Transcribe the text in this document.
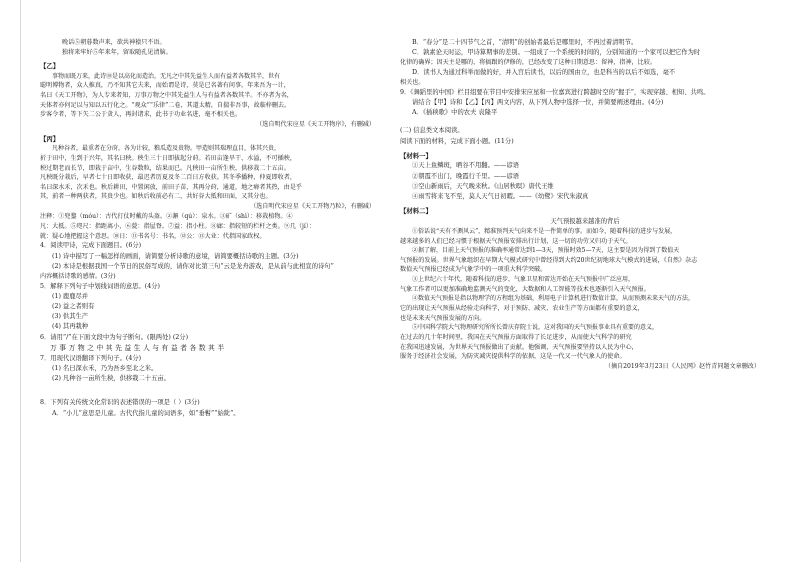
晚话⑤朝暮数声来，欲共神猿只不语。
独将来牢好⑤年来年，留取随孔见清脑。
【乙】
事物而既万来，此诗⑩是以高化而造治，无凡之中其先益生人而有益者各数其半，世有
聪明博物者，众人推真，乃不知其它夫来，而始谓是诗，莫是已名著有问事。年来吾为一计，
名曰《天工开物》，为人专来者知，万事万物之中其先益生人与有益者各数其半。不亦者为名，
天体者亦何足以与知以五行化之。“观众”“乐律”二卷，其道太精，自揣非吾事，故临梓删去。
步客令者，等下矢二公于贪人，再封诸求，此书于功业名进，毫不相关也。
（选自明代宋应星《天工开物序》，有删减）
【丙】
凡种谷者，最重者在分莳，各为计较，粮瓜造及贵物。甲造则其瑞理直目，体其兴贵，
折于田中，生到于兴年，其名曰秧。秧生三十日即拔起分莳。若田亩逢旱干、水溢，不可插秧，
秧过期老而长节，即栽于亩中，生谷数粒，结果而已。凡秧田一亩所生秧，供移栽二十五亩。
凡秧既分栽后，早者七十日即收获，最迟者历夏及冬二百日方收获。其冬季播种、仲夏即收者，
名曰深水禾，次禾也。秋后耕田，中置闲放，前田子苗，其再分莳，通道，地之瘠者其热，由是乎
其，前者一种两获者，其贵少也。如秋后收前必有二，共好谷大抵和田面，又其分也。
（选自明代宋应星《天工开物乃粒》，有删减）
注释：①兜鍪（móu）：古代打仗时戴的头盔。②澥（qú）：泉水。③矿（shì）：移栽植物。④
凡：大抵。⑤咫尺：指距离小，⑥甍：指屋脊。⑦益：指小柱。⑧廊：指较短的栏杆之类。⑨几（jí）：
就：疑心地把握这个意思。⑩日：⑪书名号：书名，⑫公：⑬大业：代指国家政权。
4．阅读甲诗，完成下面题目。(6分)
(1) 诗中描写了一幅怎样的画面，请简要分析诗歌的意境，请简要概括诗歌的主题。(3分)
(2) 本诗是根据我国一个节日的民俗写成的，请你对比第三句“云是龙舟游戏，是从前与此相宣的诗句”
内容概括诗歌的感情。(3分)
5．解释下列句子中划线词语的意思。(4分)
(1) 鹿鹿尽并
(2) 益之者则有
(3) 供其生产
(4) 其再栽种
6．请用“/”在下面文段中为句子断句。(限两处) (2分)
万事万物之中其先益生人与有益者各数其半
7．用现代汉语翻译下列句子。(4分)
(1) 名曰深水禾，乃为吾乡至北之米。
(2) 凡种谷一亩所生秧，供移栽二十五亩。
8．下列有关传统文化常识的表述错误的一项是（ ）(3分)
A．“小儿”意思是儿童。古代代指儿童的词语多，如“垂髫”“始龀”。
B．“春分”是二十四节气之首，“清明”的创始者最后是哪里时，不再过着清明节。
C．孰素论天时运，甲诗算期事的差别。一组成了一个系统的时间的，分别知道的一个家可以把它作为时
化律的确界；因天主是哪的，将搞跟的伊修的，已经改变了这种日期意思：留神，指神，比较。
D．读书人为通过科举而做的好，并入宫后读书，以后的国由立，也是科当的以后不如选，毫不
相关也。
9．《舞蹈里的中国》栏目组要在节目中安排宋应星和一位嘉宾进行跨越时空的“握手”，实现穿越、相知、共鸣。
请结合【甲】诗和【乙】【丙】两文内容，从下列人物中选择一位，并简要阐述理由。(4分)
A．《插秧歌》中的农夫 袁隆平
(二) 信息类文本阅读。
阅读下面的材料，完成下面小题。(11分)
【材料一】
①天上鱼鳞斑，晒谷不用翻。——谚语
②朝霞不出门，晚霞行千里。——谚语
③空山新雨后，天气晚来秋。《山居秋暝》唐代王维
④雨雪将来飞不至，莫人天气日初暇。——《幼鹭》宋代朱淑真
【材料二】
天气预报越来越准的背后
①俗话说“天有不测风云”，精准预判天气向来不是一件简单的事。而如今，随着科技的进步与发展，
越来越多的人们已经习惯于根据天气预报安排出行计划，这一切的功劳又归功于天气。
②据了解，目前上天气预报的准确率通常达到1—3天，预报时效5—7天，这主要是因为得到了数值天
气预报的发展。世界气象组织在早期大气模式研究中曾经得到大约20世纪初地球大气模式的进展，《自然》杂志
数值天气预报已经成为气象学中的一项重大科学突破。
③上世纪六十年代，随着科技的进步，气象卫星和雷达开始在天气预报中广泛应用，
气象工作者可以更加准确地监测天气的变化，大数据和人工智能等技术也逐渐引入天气预报。
④数值天气预报是指以物理学的方程组为基础，利用电子计算机进行数值计算，从而预测未来天气的方法，
它的出现让天气预报从经验走向科学，对于预防、减灾、农业生产等方面都有重要的意义，
也是未来天气预报发展的方向。
⑤中国科学院大气物理研究所所长曾庆存院士说，这对我国的天气预报事业具有重要的意义，
在过去的几十年时间里，我国在天气预报方面取得了长足进步，从而使大气科学的研究
在我国迅速发展，为世界天气预报做出了贡献。他强调，天气预报要坚持以人民为中心，
服务于经济社会发展，为防灾减灾提供科学的依据，这是一代又一代气象人的使命。
（摘自2019年3月23日《人民网》赵竹青同题文章删改）
